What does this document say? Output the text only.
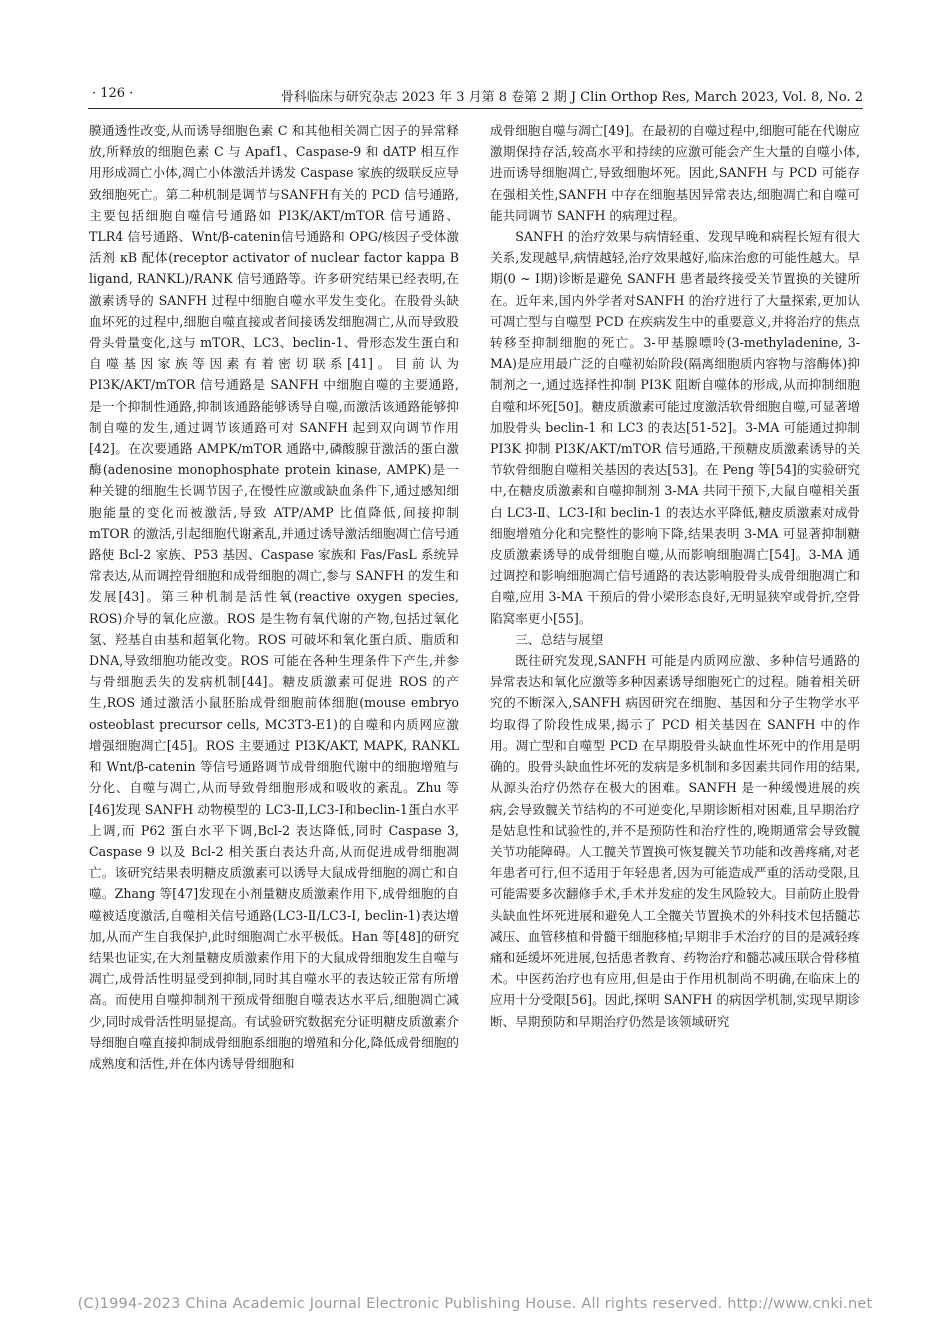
· 126 ·	骨科临床与研究杂志 2023 年 3 月第 8 卷第 2 期 J Clin Orthop Res, March 2023, Vol. 8, No. 2

膜通透性改变,从而诱导细胞色素 C 和其他相关凋亡因子的异常释放,所释放的细胞色素 C 与 Apaf1、Caspase-9 和 dATP 相互作用形成凋亡小体,凋亡小体激活并诱发 Caspase 家族的级联反应导致细胞死亡。第二种机制是调节与SANFH有关的 PCD 信号通路,主要包括细胞自噬信号通路如 PI3K/AKT/mTOR 信号通路、TLR4 信号通路、Wnt/β-catenin信号通路和 OPG/核因子受体激活剂 κB 配体(receptor activator of nuclear factor kappa B ligand, RANKL)/RANK 信号通路等。许多研究结果已经表明,在激素诱导的 SANFH 过程中细胞自噬水平发生变化。在股骨头缺血坏死的过程中,细胞自噬直接或者间接诱发细胞凋亡,从而导致股骨头骨量变化,这与 mTOR、LC3、beclin-1、骨形态发生蛋白和自噬基因家族等因素有着密切联系[41]。目前认为 PI3K/AKT/mTOR 信号通路是 SANFH 中细胞自噬的主要通路,是一个抑制性通路,抑制该通路能够诱导自噬,而激活该通路能够抑制自噬的发生,通过调节该通路可对 SANFH 起到双向调节作用[42]。在次要通路 AMPK/mTOR 通路中,磷酸腺苷激活的蛋白激酶(adenosine monophosphate protein kinase, AMPK)是一种关键的细胞生长调节因子,在慢性应激或缺血条件下,通过感知细胞能量的变化而被激活,导致 ATP/AMP 比值降低,间接抑制 mTOR 的激活,引起细胞代谢紊乱,并通过诱导激活细胞凋亡信号通路使 Bcl-2 家族、P53 基因、Caspase 家族和 Fas/FasL 系统异常表达,从而调控骨细胞和成骨细胞的凋亡,参与 SANFH 的发生和发展[43]。第三种机制是活性氧(reactive oxygen species, ROS)介导的氧化应激。ROS 是生物有氧代谢的产物,包括过氧化氢、羟基自由基和超氧化物。ROS 可破坏和氧化蛋白质、脂质和 DNA,导致细胞功能改变。ROS 可能在各种生理条件下产生,并参与骨细胞丢失的发病机制[44]。糖皮质激素可促进 ROS 的产生,ROS 通过激活小鼠胚胎成骨细胞前体细胞(mouse embryo osteoblast precursor cells, MC3T3-E1)的自噬和内质网应激增强细胞凋亡[45]。ROS 主要通过 PI3K/AKT, MAPK, RANKL 和 Wnt/β-catenin 等信号通路调节成骨细胞代谢中的细胞增殖与分化、自噬与凋亡,从而导致骨细胞形成和吸收的紊乱。Zhu 等[46]发现 SANFH 动物模型的 LC3-Ⅱ,LC3-Ⅰ和beclin-1蛋白水平上调,而 P62 蛋白水平下调,Bcl-2 表达降低,同时 Caspase 3, Caspase 9 以及 Bcl-2 相关蛋白表达升高,从而促进成骨细胞凋亡。该研究结果表明糖皮质激素可以诱导大鼠成骨细胞的凋亡和自噬。Zhang 等[47]发现在小剂量糖皮质激素作用下,成骨细胞的自噬被适度激活,自噬相关信号通路(LC3-Ⅱ/LC3-Ⅰ, beclin-1)表达增加,从而产生自我保护,此时细胞凋亡水平极低。Han 等[48]的研究结果也证实,在大剂量糖皮质激素作用下的大鼠成骨细胞发生自噬与凋亡,成骨活性明显受到抑制,同时其自噬水平的表达较正常有所增高。而使用自噬抑制剂干预成骨细胞自噬表达水平后,细胞凋亡减少,同时成骨活性明显提高。有试验研究数据充分证明糖皮质激素介导细胞自噬直接抑制成骨细胞系细胞的增殖和分化,降低成骨细胞的成熟度和活性,并在体内诱导骨细胞和

成骨细胞自噬与凋亡[49]。在最初的自噬过程中,细胞可能在代谢应激期保持存活,较高水平和持续的应激可能会产生大量的自噬小体,进而诱导细胞凋亡,导致细胞坏死。因此,SANFH 与 PCD 可能存在强相关性,SANFH 中存在细胞基因异常表达,细胞凋亡和自噬可能共同调节 SANFH 的病理过程。

SANFH 的治疗效果与病情轻重、发现早晚和病程长短有很大关系,发现越早,病情越轻,治疗效果越好,临床治愈的可能性越大。早期(0 ~ Ⅰ期)诊断是避免 SANFH 患者最终接受关节置换的关键所在。近年来,国内外学者对SANFH 的治疗进行了大量探索,更加认可凋亡型与自噬型 PCD 在疾病发生中的重要意义,并将治疗的焦点转移至抑制细胞的死亡。3-甲基腺嘌呤(3-methyladenine, 3-MA)是应用最广泛的自噬初始阶段(隔离细胞质内容物与溶酶体)抑制剂之一,通过选择性抑制 PI3K 阻断自噬体的形成,从而抑制细胞自噬和坏死[50]。糖皮质激素可能过度激活软骨细胞自噬,可显著增加股骨头 beclin-1 和 LC3 的表达[51-52]。3-MA 可能通过抑制 PI3K 抑制 PI3K/AKT/mTOR 信号通路,干预糖皮质激素诱导的关节软骨细胞自噬相关基因的表达[53]。在 Peng 等[54]的实验研究中,在糖皮质激素和自噬抑制剂 3-MA 共同干预下,大鼠自噬相关蛋白 LC3-Ⅱ、LC3-Ⅰ和 beclin-1 的表达水平降低,糖皮质激素对成骨细胞增殖分化和完整性的影响下降,结果表明 3-MA 可显著抑制糖皮质激素诱导的成骨细胞自噬,从而影响细胞凋亡[54]。3-MA 通过调控和影响细胞凋亡信号通路的表达影响股骨头成骨细胞凋亡和自噬,应用 3-MA 干预后的骨小梁形态良好,无明显狭窄或骨折,空骨陷窝率更小[55]。

三、总结与展望

既往研究发现,SANFH 可能是内质网应激、多种信号通路的异常表达和氧化应激等多种因素诱导细胞死亡的过程。随着相关研究的不断深入,SANFH 病因研究在细胞、基因和分子生物学水平均取得了阶段性成果,揭示了 PCD 相关基因在 SANFH 中的作用。凋亡型和自噬型 PCD 在早期股骨头缺血性坏死中的作用是明确的。股骨头缺血性坏死的发病是多机制和多因素共同作用的结果,从源头治疗仍然存在极大的困难。SANFH 是一种缓慢进展的疾病,会导致髋关节结构的不可逆变化,早期诊断相对困难,且早期治疗是姑息性和试验性的,并不是预防性和治疗性的,晚期通常会导致髋关节功能障碍。人工髋关节置换可恢复髋关节功能和改善疼痛,对老年患者可行,但不适用于年轻患者,因为可能造成严重的活动受限,且可能需要多次翻修手术,手术并发症的发生风险较大。目前防止股骨头缺血性坏死进展和避免人工全髋关节置换术的外科技术包括髓芯减压、血管移植和骨髓干细胞移植;早期非手术治疗的目的是减轻疼痛和延缓坏死进展,包括患者教育、药物治疗和髓芯减压联合骨移植术。中医药治疗也有应用,但是由于作用机制尚不明确,在临床上的应用十分受限[56]。因此,探明 SANFH 的病因学机制,实现早期诊断、早期预防和早期治疗仍然是该领域研究

(C)1994-2023 China Academic Journal Electronic Publishing House. All rights reserved. http://www.cnki.net
